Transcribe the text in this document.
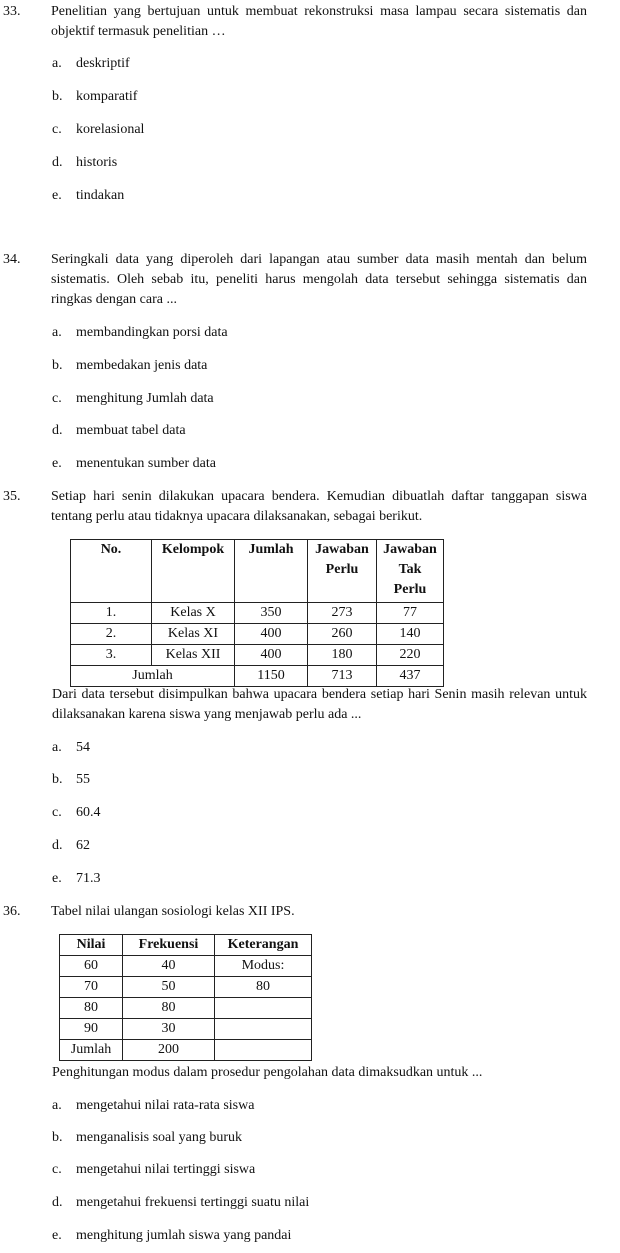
33. Penelitian yang bertujuan untuk membuat rekonstruksi masa lampau secara sistematis dan objektif termasuk penelitian …
a. deskriptif
b. komparatif
c. korelasional
d. historis
e. tindakan
34. Seringkali data yang diperoleh dari lapangan atau sumber data masih mentah dan belum sistematis. Oleh sebab itu, peneliti harus mengolah data tersebut sehingga sistematis dan ringkas dengan cara ...
a. membandingkan porsi data
b. membedakan jenis data
c. menghitung Jumlah data
d. membuat tabel data
e. menentukan sumber data
35. Setiap hari senin dilakukan upacara bendera. Kemudian dibuatlah daftar tanggapan siswa tentang perlu atau tidaknya upacara dilaksanakan, sebagai berikut.
No.	Kelompok	Jumlah	Jawaban Perlu	Jawaban Tak Perlu
1.	Kelas X	350	273	77
2.	Kelas XI	400	260	140
3.	Kelas XII	400	180	220
Jumlah		1150	713	437
Dari data tersebut disimpulkan bahwa upacara bendera setiap hari Senin masih relevan untuk dilaksanakan karena siswa yang menjawab perlu ada ...
a. 54
b. 55
c. 60.4
d. 62
e. 71.3
36. Tabel nilai ulangan sosiologi kelas XII IPS.
Nilai	Frekuensi	Keterangan
60	40	Modus:
70	50	80
80	80	
90	30	
Jumlah	200	
Penghitungan modus dalam prosedur pengolahan data dimaksudkan untuk ...
a. mengetahui nilai rata-rata siswa
b. menganalisis soal yang buruk
c. mengetahui nilai tertinggi siswa
d. mengetahui frekuensi tertinggi suatu nilai
e. menghitung jumlah siswa yang pandai
